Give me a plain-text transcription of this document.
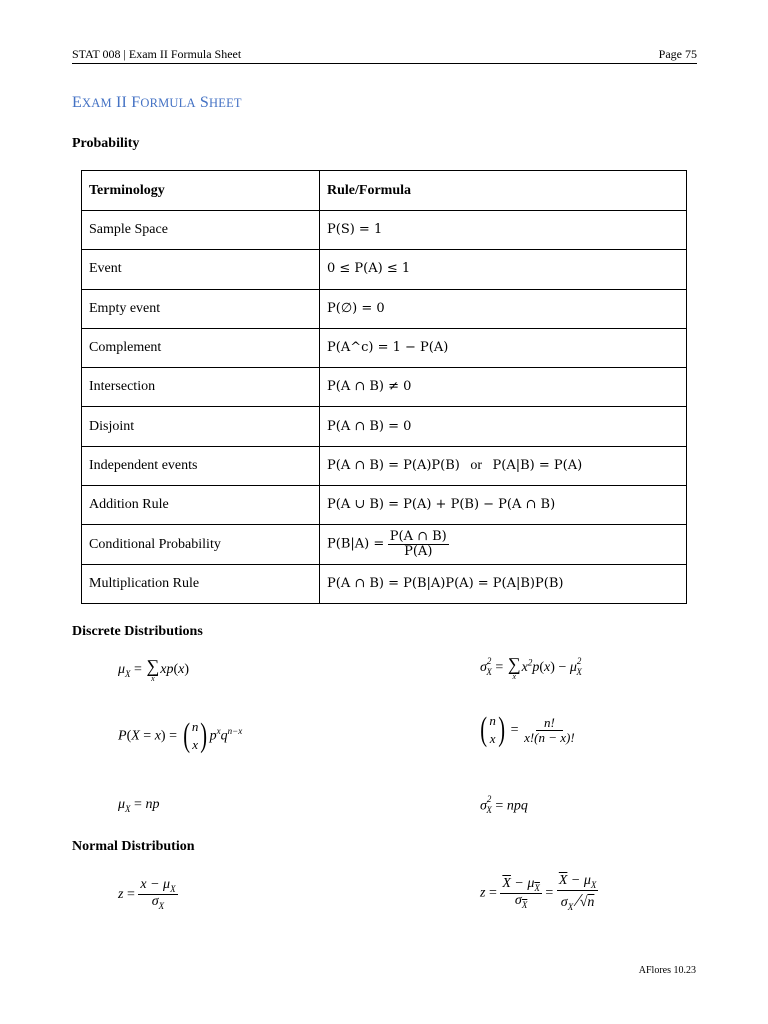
STAT 008 | Exam II Formula Sheet	Page 75
EXAM II FORMULA SHEET
Probability
Terminology	Rule/Formula
Sample Space	P(S) = 1
Event	0 ≤ P(A) ≤ 1
Empty event	P(∅) = 0
Complement	P(A^c) = 1 − P(A)
Intersection	P(A ∩ B) ≠ 0
Disjoint	P(A ∩ B) = 0
Independent events	P(A ∩ B) = P(A)P(B) or P(A|B) = P(A)
Addition Rule	P(A ∪ B) = P(A) + P(B) − P(A ∩ B)
Conditional Probability	$P(B|A) = \frac{P(A \cap B)}{P(A)}$

Multiplication Rule	P(A ∩ B) = P(B|A)P(A) = P(A|B)P(B)
Discrete Distributions
$\mu_X$ = ∑
x
xp(x)	$\sigma^2_X$ = ∑
x
$x^2p(x) - \mu^2_X$
P(X = x) = ( n
x ) $p^xq^{n-x}$	( n
x ) = $\frac{n!}{x!(n - x)!}$
$\mu_X$ = np	$\sigma^2_X$ = npq
Normal Distribution
$z = \frac{x - \mu_X}{\sigma_X}$	$z = \frac{\overline{X} - \mu_{\overline{X}}}{\sigma_{\overline{X}}} = \frac{\overline{X} - \mu_X}{\sigma_X ⁄√n}$
AFlores 10.23
